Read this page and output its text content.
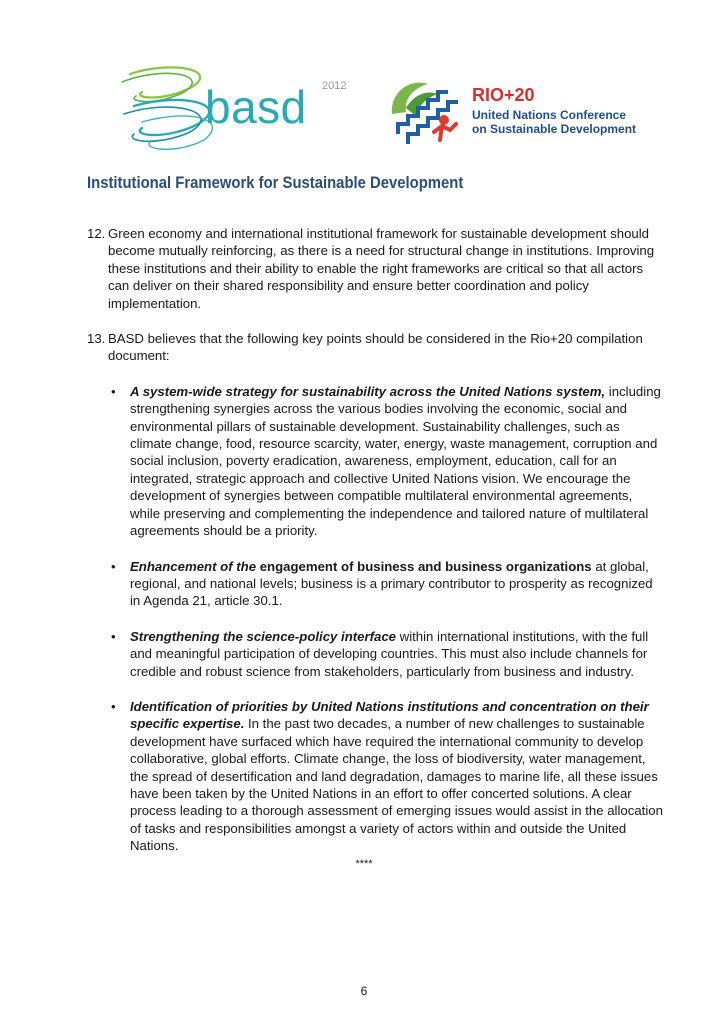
basd 2012	RIO+20
United Nations Conference
on Sustainable Development
Institutional Framework for Sustainable Development

12. Green economy and international institutional framework for sustainable development should become mutually reinforcing, as there is a need for structural change in institutions. Improving these institutions and their ability to enable the right frameworks are critical so that all actors can deliver on their shared responsibility and ensure better coordination and policy implementation.

13. BASD believes that the following key points should be considered in the Rio+20 compilation document:

• A system-wide strategy for sustainability across the United Nations system, including strengthening synergies across the various bodies involving the economic, social and environmental pillars of sustainable development. Sustainability challenges, such as climate change, food, resource scarcity, water, energy, waste management, corruption and social inclusion, poverty eradication, awareness, employment, education, call for an integrated, strategic approach and collective United Nations vision. We encourage the development of synergies between compatible multilateral environmental agreements, while preserving and complementing the independence and tailored nature of multilateral agreements should be a priority.
• Enhancement of the engagement of business and business organizations at global, regional, and national levels; business is a primary contributor to prosperity as recognized in Agenda 21, article 30.1.
• Strengthening the science-policy interface within international institutions, with the full and meaningful participation of developing countries. This must also include channels for credible and robust science from stakeholders, particularly from business and industry.
• Identification of priorities by United Nations institutions and concentration on their specific expertise. In the past two decades, a number of new challenges to sustainable development have surfaced which have required the international community to develop collaborative, global efforts. Climate change, the loss of biodiversity, water management, the spread of desertification and land degradation, damages to marine life, all these issues have been taken by the United Nations in an effort to offer concerted solutions. A clear process leading to a thorough assessment of emerging issues would assist in the allocation of tasks and responsibilities amongst a variety of actors within and outside the United Nations.
****
6
